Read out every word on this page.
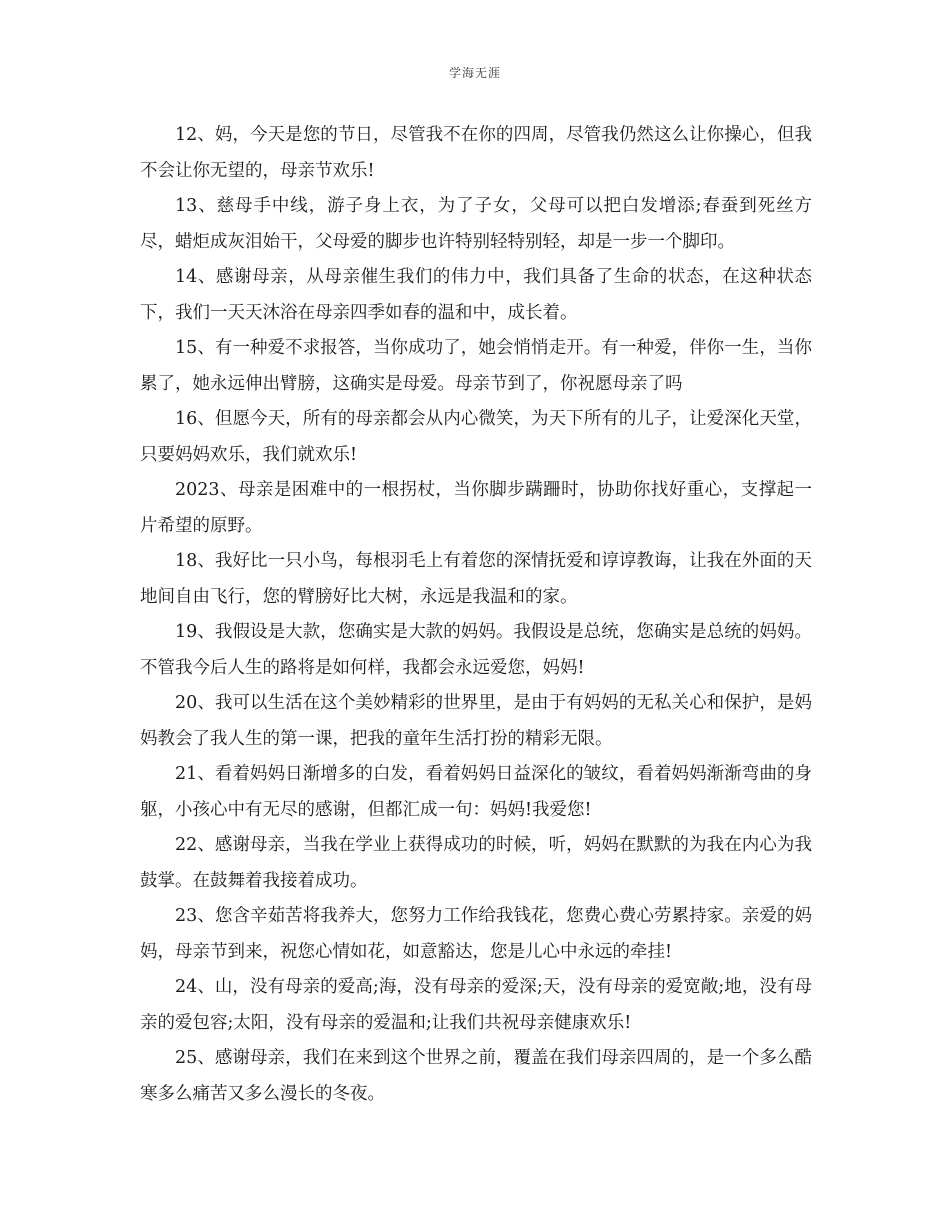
学海无涯

12、妈，今天是您的节日，尽管我不在你的四周，尽管我仍然这么让你操心，但我不会让你无望的，母亲节欢乐!

13、慈母手中线，游子身上衣，为了子女，父母可以把白发增添;春蚕到死丝方尽，蜡炬成灰泪始干，父母爱的脚步也许特别轻特别轻，却是一步一个脚印。

14、感谢母亲，从母亲催生我们的伟力中，我们具备了生命的状态，在这种状态下，我们一天天沐浴在母亲四季如春的温和中，成长着。

15、有一种爱不求报答，当你成功了，她会悄悄走开。有一种爱，伴你一生，当你累了，她永远伸出臂膀，这确实是母爱。母亲节到了，你祝愿母亲了吗

16、但愿今天，所有的母亲都会从内心微笑，为天下所有的儿子，让爱深化天堂，只要妈妈欢乐，我们就欢乐!

2023、母亲是困难中的一根拐杖，当你脚步蹒跚时，协助你找好重心，支撑起一片希望的原野。

18、我好比一只小鸟，每根羽毛上有着您的深情抚爱和谆谆教诲，让我在外面的天地间自由飞行，您的臂膀好比大树，永远是我温和的家。

19、我假设是大款，您确实是大款的妈妈。我假设是总统，您确实是总统的妈妈。不管我今后人生的路将是如何样，我都会永远爱您，妈妈!

20、我可以生活在这个美妙精彩的世界里，是由于有妈妈的无私关心和保护，是妈妈教会了我人生的第一课，把我的童年生活打扮的精彩无限。

21、看着妈妈日渐增多的白发，看着妈妈日益深化的皱纹，看着妈妈渐渐弯曲的身躯，小孩心中有无尽的感谢，但都汇成一句：妈妈!我爱您!

22、感谢母亲，当我在学业上获得成功的时候，听，妈妈在默默的为我在内心为我鼓掌。在鼓舞着我接着成功。

23、您含辛茹苦将我养大，您努力工作给我钱花，您费心费心劳累持家。亲爱的妈妈，母亲节到来，祝您心情如花，如意豁达，您是儿心中永远的牵挂!

24、山，没有母亲的爱高;海，没有母亲的爱深;天，没有母亲的爱宽敞;地，没有母亲的爱包容;太阳，没有母亲的爱温和;让我们共祝母亲健康欢乐!

25、感谢母亲，我们在来到这个世界之前，覆盖在我们母亲四周的，是一个多么酷寒多么痛苦又多么漫长的冬夜。
